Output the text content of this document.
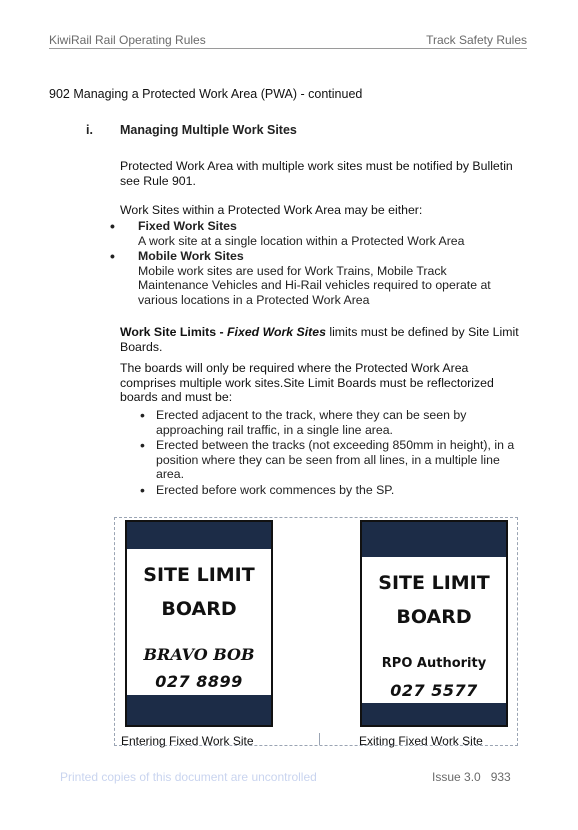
KiwiRail Rail Operating Rules	Track Safety Rules
902 Managing a Protected Work Area (PWA) - continued
i. Managing Multiple Work Sites

Protected Work Area with multiple work sites must be notified by Bulletin see Rule 901.

Work Sites within a Protected Work Area may be either:

• Fixed Work Sites
A work site at a single location within a Protected Work Area
• Mobile Work Sites
Mobile work sites are used for Work Trains, Mobile Track Maintenance Vehicles and Hi-Rail vehicles required to operate at various locations in a Protected Work Area

Work Site Limits - Fixed Work Sites limits must be defined by Site Limit Boards.

The boards will only be required where the Protected Work Area comprises multiple work sites.Site Limit Boards must be reflectorized boards and must be:

• Erected adjacent to the track, where they can be seen by approaching rail traffic, in a single line area.
• Erected between the tracks (not exceeding 850mm in height), in a position where they can be seen from all lines, in a multiple line area.
• Erected before work commences by the SP.
SITE LIMIT
BOARD
BRAVO BOB
027 8899
SITE LIMIT
BOARD
RPO Authority
027 5577
Entering Fixed Work Site	Exiting Fixed Work Site
Printed copies of this document are uncontrolled	Issue 3.0 933
